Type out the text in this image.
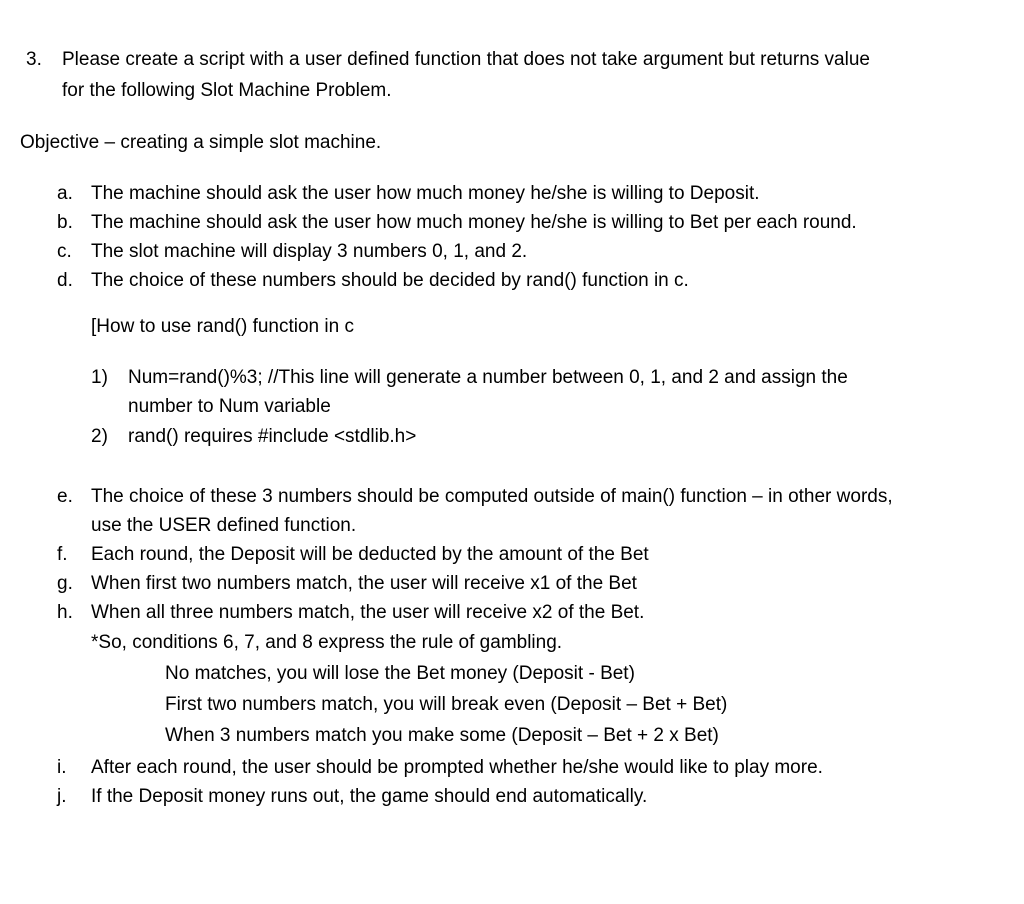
3. Please create a script with a user defined function that does not take argument but returns value
for the following Slot Machine Problem.
Objective – creating a simple slot machine.
a. The machine should ask the user how much money he/she is willing to Deposit.
b. The machine should ask the user how much money he/she is willing to Bet per each round.
c. The slot machine will display 3 numbers 0, 1, and 2.
d. The choice of these numbers should be decided by rand() function in c.
[How to use rand() function in c
1) Num=rand()%3; //This line will generate a number between 0, 1, and 2 and assign the
number to Num variable
2) rand() requires #include <stdlib.h>
e. The choice of these 3 numbers should be computed outside of main() function – in other words,
use the USER defined function.
f. Each round, the Deposit will be deducted by the amount of the Bet
g. When first two numbers match, the user will receive x1 of the Bet
h. When all three numbers match, the user will receive x2 of the Bet.
*So, conditions 6, 7, and 8 express the rule of gambling.
No matches, you will lose the Bet money (Deposit - Bet)
First two numbers match, you will break even (Deposit – Bet + Bet)
When 3 numbers match you make some (Deposit – Bet + 2 x Bet)
i. After each round, the user should be prompted whether he/she would like to play more.
j. If the Deposit money runs out, the game should end automatically.
